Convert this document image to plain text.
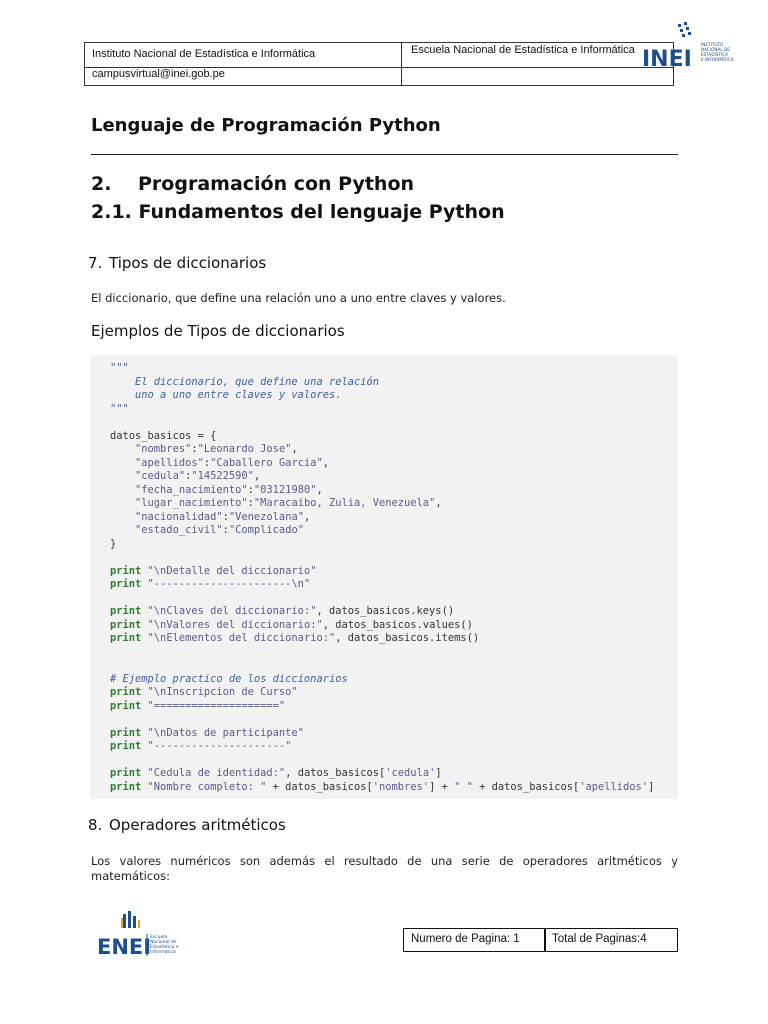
Instituto Nacional de Estadística e Informática
campusvirtual@inei.gob.pe
Escuela Nacional de Estadística e Informática INEI
INSTITUTO
NACIONAL DE
ESTADÍSTICA
E INFORMÁTICA
Lenguaje de Programación Python
2. Programación con Python
2.1. Fundamentos del lenguaje Python
7. Tipos de diccionarios
El diccionario, que define una relación uno a uno entre claves y valores.
Ejemplos de Tipos de diccionarios
"""
El diccionario, que define una relación
uno a uno entre claves y valores.
"""

datos_basicos = {
"nombres":"Leonardo Jose",
"apellidos":"Caballero Garcia",
"cedula":"14522590",
"fecha_nacimiento":"03121980",
"lugar_nacimiento":"Maracaibo, Zulia, Venezuela",
"nacionalidad":"Venezolana",
"estado_civil":"Complicado"
}

print "\nDetalle del diccionario"
print "----------------------\n"

print "\nClaves del diccionario:", datos_basicos.keys()
print "\nValores del diccionario:", datos_basicos.values()
print "\nElementos del diccionario:", datos_basicos.items()

# Ejemplo practico de los diccionarios
print "\nInscripcion de Curso"
print "===================="

print "\nDatos de participante"
print "---------------------"

print "Cedula de identidad:", datos_basicos['cedula']
print "Nombre completo: " + datos_basicos['nombres'] + " " + datos_basicos['apellidos']
8. Operadores aritméticos
Los valores numéricos son además el resultado de una serie de operadores aritméticos y matemáticos:
ENEI
Escuela
Nacional de
Estadística e
Informática
Numero de Pagina: 1	Total de Paginas:4
